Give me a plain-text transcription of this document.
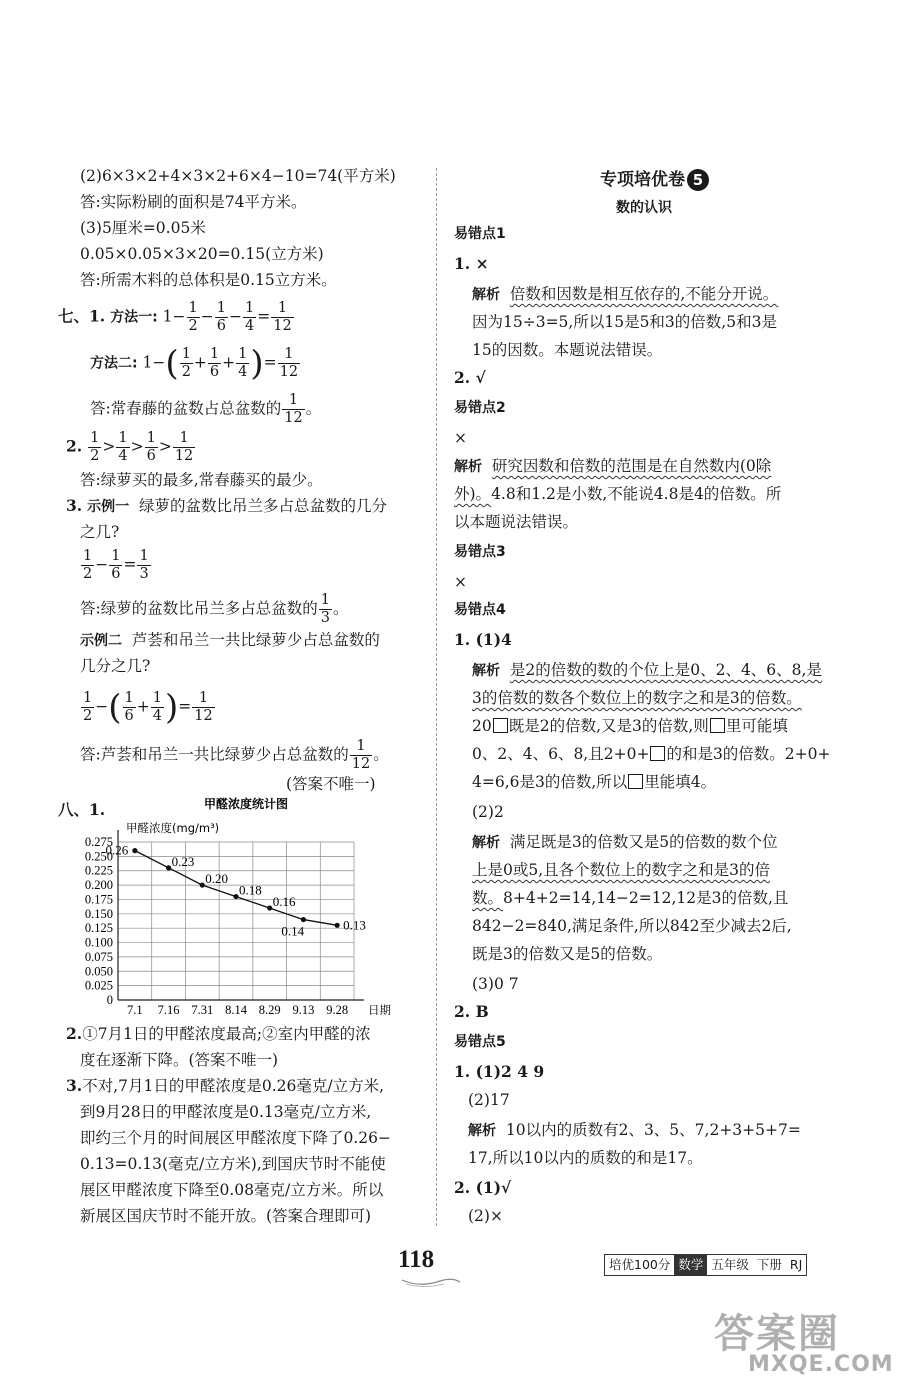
(2)6×3×2+4×3×2+6×4−10=74(平方米)
答:实际粉刷的面积是74平方米。
(3)5厘米=0.05米
0.05×0.05×3×20=0.15(立方米)
答:所需木料的总体积是0.15立方米。
七、1. 方法一: $1- \frac{1}{2} - \frac{1}{6} - \frac{1}{4} = \frac{1}{12}$
方法二: $1-( \frac{1}{2} + \frac{1}{6} + \frac{1}{4}$ )= $\frac{1}{12}$
答:常春藤的盆数占总盆数的 $\frac{1}{12}$ 。
2. $\frac{1}{2} > \frac{1}{4} > \frac{1}{6} > \frac{1}{12}$
答:绿萝买的最多,常春藤买的最少。
3. 示例一 绿萝的盆数比吊兰多占总盆数的几分
之几?
$\frac{1}{2} - \frac{1}{6} = \frac{1}{3}$
答:绿萝的盆数比吊兰多占总盆数的 $\frac{1}{3}$ 。
示例二 芦荟和吊兰一共比绿萝少占总盆数的
几分之几?
$\frac{1}{2}$ −( $\frac{1}{6} + \frac{1}{4}$ )= $\frac{1}{12}$
答:芦荟和吊兰一共比绿萝少占总盆数的 $\frac{1}{12}$ 。
(答案不唯一)
八、1.	甲醛浓度统计图
甲醛浓度(mg/m³)
0.275
0.250
0.225
0.200
0.175
0.150
0.125
0.100
0.075
0.050
0.025
0
7.1 7.16 7.31 8.14 8.29 9.13 9.28 日期
0.26
0.23
0.20
0.18
0.16
0.14	0.13
2.①7月1日的甲醛浓度最高;②室内甲醛的浓
度在逐渐下降。(答案不唯一)
3.不对,7月1日的甲醛浓度是0.26毫克/立方米,
到9月28日的甲醛浓度是0.13毫克/立方米,
即约三个月的时间展区甲醛浓度下降了0.26−
0.13=0.13(毫克/立方米),到国庆节时不能使
展区甲醛浓度下降至0.08毫克/立方米。所以
新展区国庆节时不能开放。(答案合理即可)
专项培优卷 5
数的认识
易错点1
1. ×
解析 倍数和因数是相互依存的,不能分开说。
因为15÷3=5,所以15是5和3的倍数,5和3是
15的因数。本题说法错误。
2. √
易错点2
×
解析 研究因数和倍数的范围是在自然数内(0除
外)。4.8和1.2是小数,不能说4.8是4的倍数。所
以本题说法错误。
易错点3
×
易错点4
1. (1)4
解析 是2的倍数的数的个位上是0、2、4、6、8,是
3的倍数的数各个数位上的数字之和是3的倍数。
20 既是2的倍数,又是3的倍数,则 里可能填
0、2、4、6、8,且2+0+ 的和是3的倍数。2+0+
4=6,6是3的倍数,所以 里能填4。
(2)2
解析 满足既是3的倍数又是5的倍数的数个位
上是0或5,且各个数位上的数字之和是3的倍
数。8+4+2=14,14−2=12,12是3的倍数,且
842−2=840,满足条件,所以842至少减去2后,
既是3的倍数又是5的倍数。
(3)0 7
2. B
易错点5
1. (1)2 4 9
(2)17
解析 10以内的质数有2、3、5、7,2+3+5+7=
17,所以10以内的质数的和是17。
2. (1)√
(2)×
118	培优100分 数学 五年级 下册 RJ
答案圈
MXQE.COM
